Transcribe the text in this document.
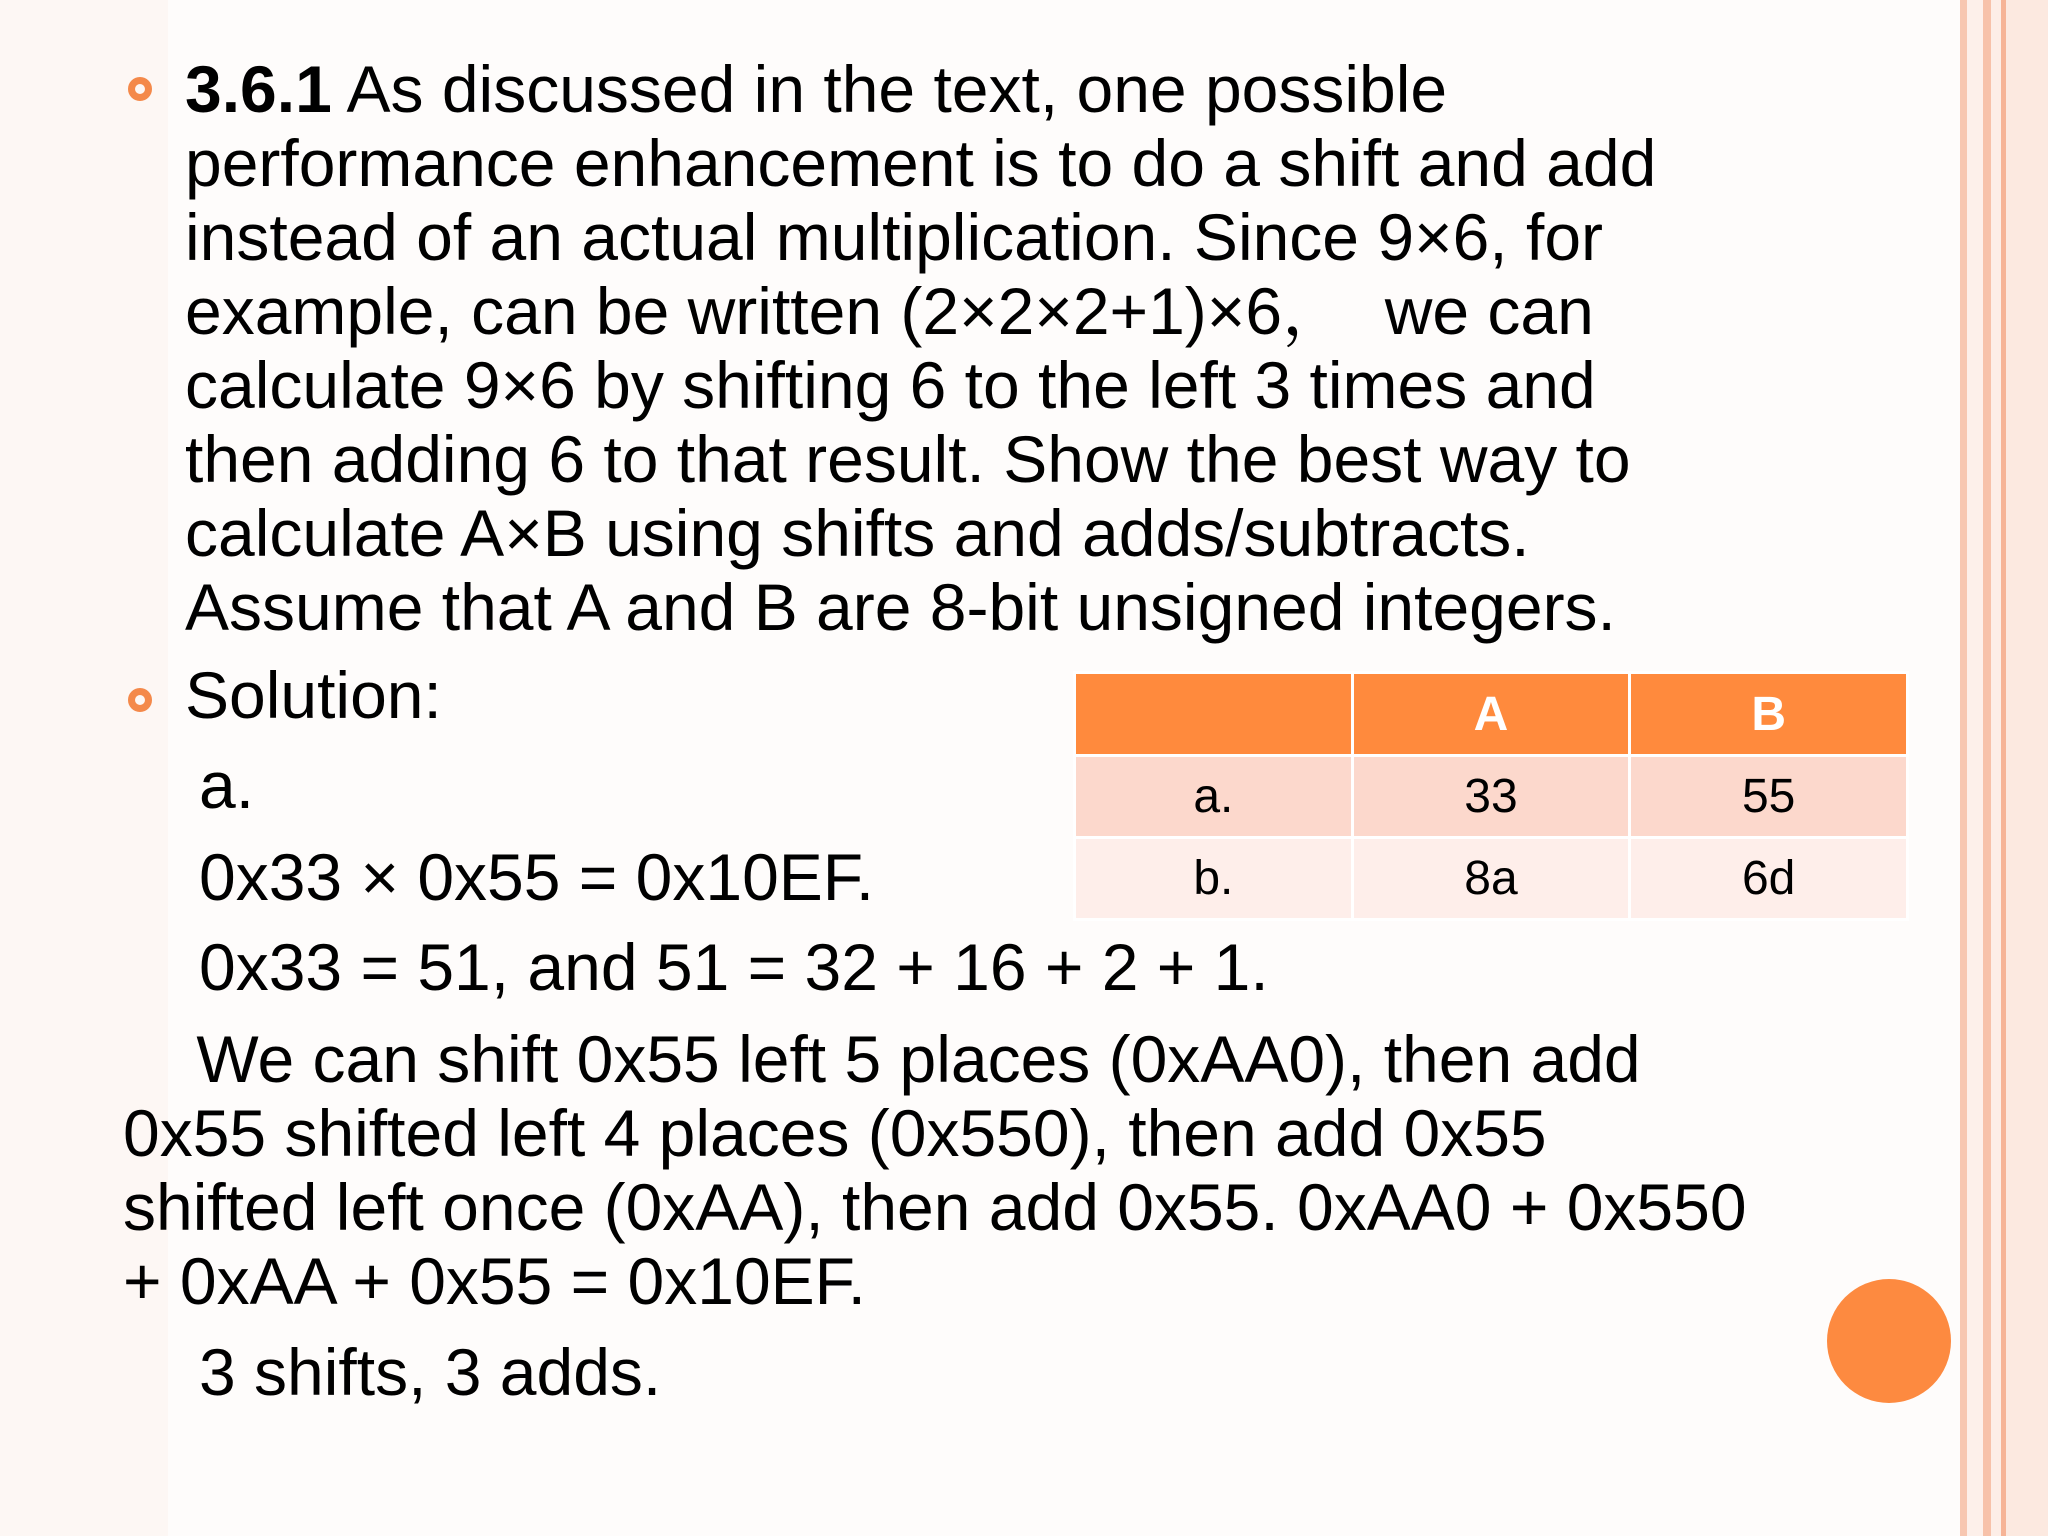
3.6.1 As discussed in the text, one possible
performance enhancement is to do a shift and add
instead of an actual multiplication. Since 9×6, for
example, can be written (2×2×2+1)×6，  we can
calculate 9×6 by shifting 6 to the left 3 times and
then adding 6 to that result. Show the best way to
calculate A×B using shifts and adds/subtracts.
Assume that A and B are 8-bit unsigned integers.
Solution:
a.
0x33 × 0x55 = 0x10EF.
0x33 = 51, and 51 = 32 + 16 + 2 + 1.
We can shift 0x55 left 5 places (0xAA0), then add
0x55 shifted left 4 places (0x550), then add 0x55
shifted left once (0xAA), then add 0x55. 0xAA0 + 0x550
+ 0xAA + 0x55 = 0x10EF.
3 shifts, 3 adds.
	A	B
a.	33	55
b.	8a	6d
